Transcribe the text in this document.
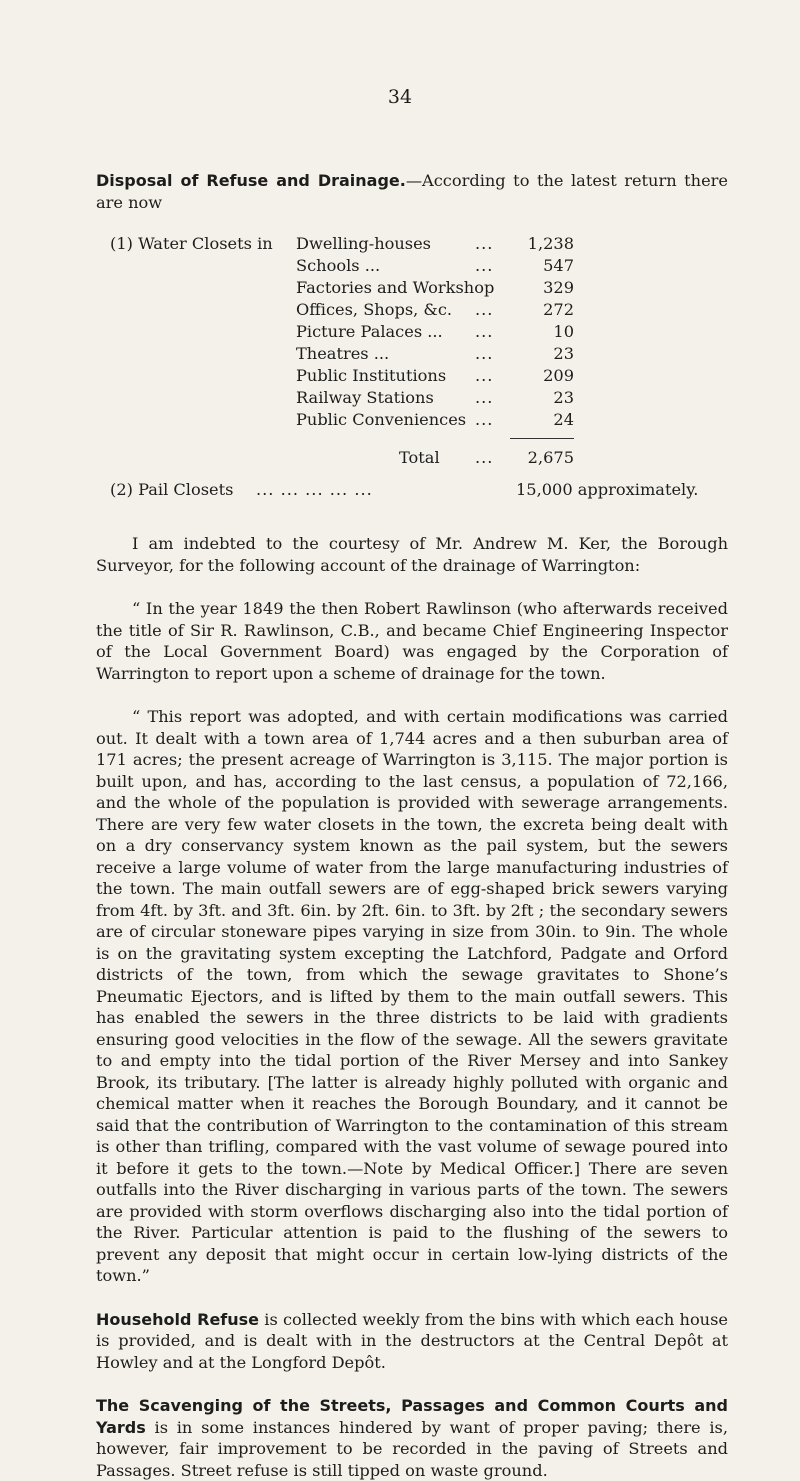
34

Disposal of Refuse and Drainage.—According to the latest return there are now

(1) Water Closets in Dwelling-houses	...	1,238
Schools ...	...	547
Factories and Workshop	329
Offices, Shops, &c. ...	272
Picture Palaces ... ...	10
Theatres ...	...	23
Public Institutions ...	209
Railway Stations	...	23
Public Conveniences ...	24
Total ...	2,675
(2) Pail Closets ... ... ... ... ...	15,000 approximately.

I am indebted to the courtesy of Mr. Andrew M. Ker, the Borough Surveyor, for the following account of the drainage of Warrington:

“ In the year 1849 the then Robert Rawlinson (who afterwards received the title of Sir R. Rawlinson, C.B., and became Chief Engineering Inspector of the Local Government Board) was engaged by the Corporation of Warrington to report upon a scheme of drainage for the town.

“ This report was adopted, and with certain modifications was carried out. It dealt with a town area of 1,744 acres and a then suburban area of 171 acres; the present acreage of Warrington is 3,115. The major portion is built upon, and has, according to the last census, a population of 72,166, and the whole of the population is provided with sewerage arrangements. There are very few water closets in the town, the excreta being dealt with on a dry conservancy system known as the pail system, but the sewers receive a large volume of water from the large manufacturing industries of the town. The main outfall sewers are of egg-shaped brick sewers varying from 4ft. by 3ft. and 3ft. 6in. by 2ft. 6in. to 3ft. by 2ft ; the secondary sewers are of circular stoneware pipes varying in size from 30in. to 9in. The whole is on the gravitating system excepting the Latchford, Padgate and Orford districts of the town, from which the sewage gravitates to Shone’s Pneumatic Ejectors, and is lifted by them to the main outfall sewers. This has enabled the sewers in the three districts to be laid with gradients ensuring good velocities in the flow of the sewage. All the sewers gravitate to and empty into the tidal portion of the River Mersey and into Sankey Brook, its tributary. [The latter is already highly polluted with organic and chemical matter when it reaches the Borough Boundary, and it cannot be said that the contribution of Warrington to the contamination of this stream is other than trifling, compared with the vast volume of sewage poured into it before it gets to the town.—Note by Medical Officer.] There are seven outfalls into the River discharging in various parts of the town. The sewers are provided with storm overflows discharging also into the tidal portion of the River. Particular attention is paid to the flushing of the sewers to prevent any deposit that might occur in certain low-lying districts of the town.”

Household Refuse is collected weekly from the bins with which each house is provided, and is dealt with in the destructors at the Central Depôt at Howley and at the Longford Depôt.

The Scavenging of the Streets, Passages and Common Courts and Yards is in some instances hindered by want of proper paving; there is, however, fair improvement to be recorded in the paving of Streets and Passages. Street refuse is still tipped on waste ground.
